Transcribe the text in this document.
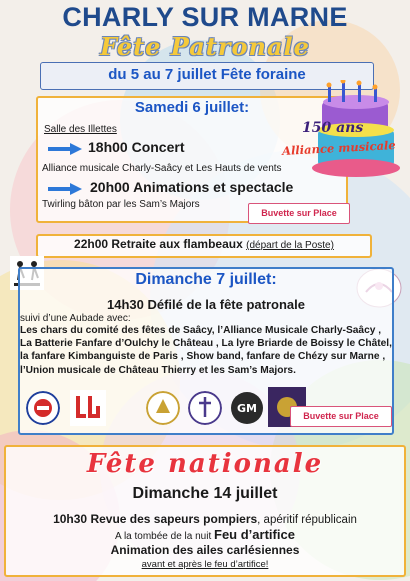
CHARLY SUR MARNE
Fête Patronale
du 5 au 7 juillet Fête foraine
Samedi 6 juillet:
Salle des Illettes
18h00 Concert
Alliance musicale Charly-Saâcy et Les Hauts de vents
20h00 Animations et spectacle
Twirling bâton par les Sam’s Majors
Buvette sur Place
150 ans
Alliance musicale
22h00 Retraite aux flambeaux (départ de la Poste)
Dimanche 7 juillet:
14h30 Défilé de la fête patronale
suivi d’une Aubade avec:
Les chars du comité des fêtes de Saâcy, l’Alliance Musicale Charly-Saâcy , La Batterie Fanfare d’Oulchy le Château , La lyre Briarde de Boissy le Châtel, la fanfare Kimbanguiste de Paris , Show band, fanfare de Chézy sur Marne , l’Union musicale de Château Thierry et les Sam’s Majors.
GM
Buvette sur Place
Fête nationale
Dimanche 14 juillet
10h30 Revue des sapeurs pompiers, apéritif républicain
A la tombée de la nuit Feu d’artifice
Animation des ailes carlésiennes
avant et après le feu d’artifice!
